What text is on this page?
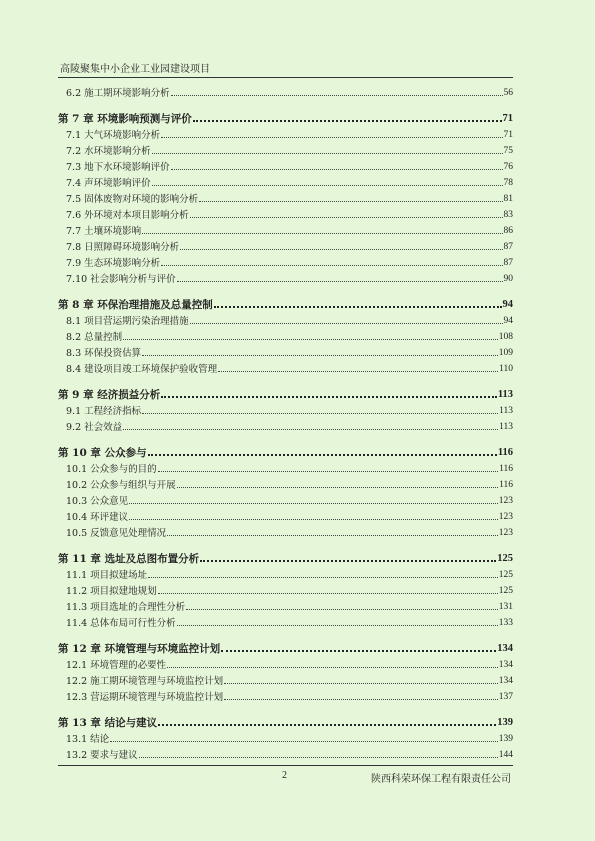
高陵聚集中小企业工业园建设项目
6.2 施工期环境影响分析	56
第 7 章 环境影响预测与评价	71
7.1 大气环境影响分析	71
7.2 水环境影响分析	75
7.3 地下水环境影响评价	76
7.4 声环境影响评价	78
7.5 固体废物对环境的影响分析	81
7.6 外环境对本项目影响分析	83
7.7 土壤环境影响	86
7.8 日照障碍环境影响分析	87
7.9 生态环境影响分析	87
7.10 社会影响分析与评价	90
第 8 章 环保治理措施及总量控制	94
8.1 项目营运期污染治理措施	94
8.2 总量控制	108
8.3 环保投资估算	109
8.4 建设项目竣工环境保护验收管理	110
第 9 章 经济损益分析	113
9.1 工程经济指标	113
9.2 社会效益	113
第 10 章 公众参与	116
10.1 公众参与的目的	116
10.2 公众参与组织与开展	116
10.3 公众意见	123
10.4 环评建议	123
10.5 反馈意见处理情况	123
第 11 章 选址及总图布置分析	125
11.1 项目拟建场址	125
11.2 项目拟建地规划	125
11.3 项目选址的合理性分析	131
11.4 总体布局可行性分析	133
第 12 章 环境管理与环境监控计划	134
12.1 环境管理的必要性	134
12.2 施工期环境管理与环境监控计划	134
12.3 营运期环境管理与环境监控计划	137
第 13 章 结论与建议	139
13.1 结论	139
13.2 要求与建议	144
2	陕西科荣环保工程有限责任公司
